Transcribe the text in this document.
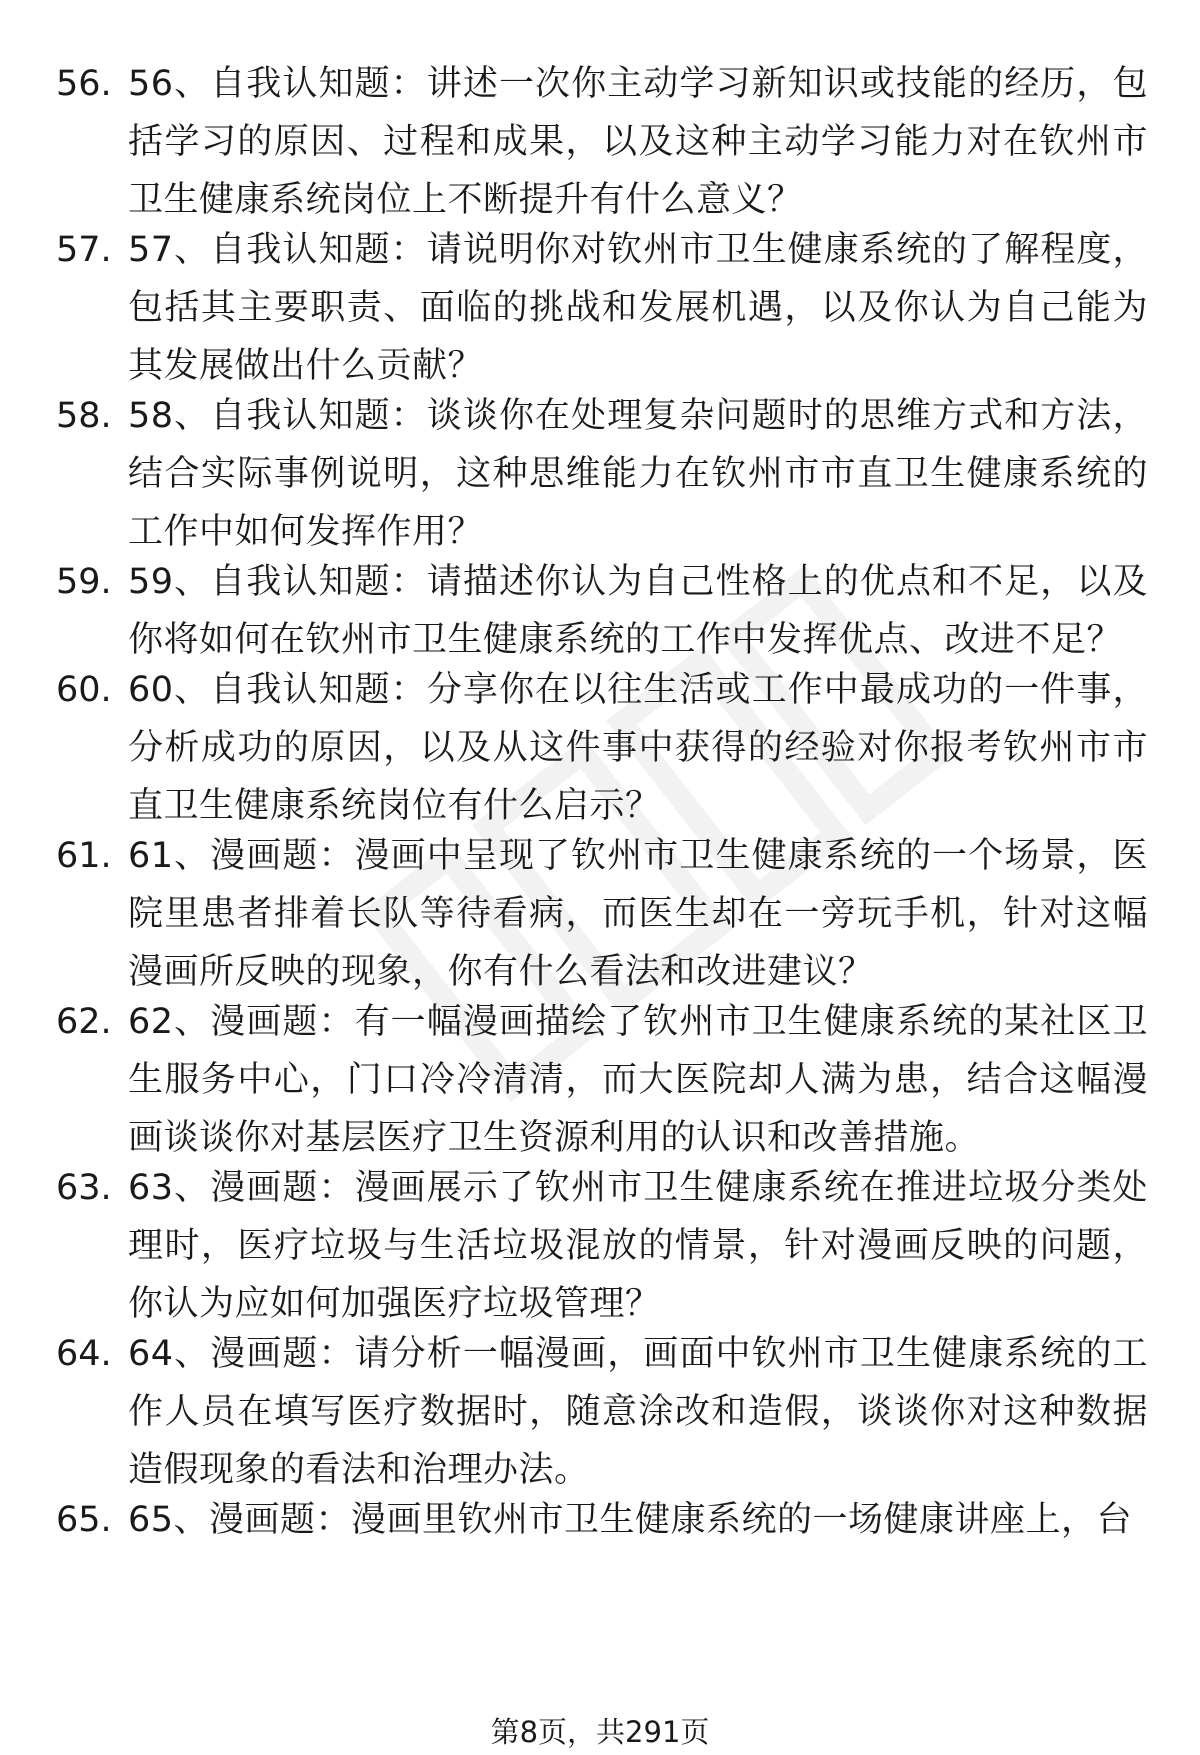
56. 56、自我认知题：讲述一次你主动学习新知识或技能的经历，包括学习的原因、过程和成果，以及这种主动学习能力对在钦州市卫生健康系统岗位上不断提升有什么意义？
57. 57、自我认知题：请说明你对钦州市卫生健康系统的了解程度，包括其主要职责、面临的挑战和发展机遇，以及你认为自己能为其发展做出什么贡献？
58. 58、自我认知题：谈谈你在处理复杂问题时的思维方式和方法，结合实际事例说明，这种思维能力在钦州市市直卫生健康系统的工作中如何发挥作用？
59. 59、自我认知题：请描述你认为自己性格上的优点和不足，以及你将如何在钦州市卫生健康系统的工作中发挥优点、改进不足？
60. 60、自我认知题：分享你在以往生活或工作中最成功的一件事，分析成功的原因，以及从这件事中获得的经验对你报考钦州市市直卫生健康系统岗位有什么启示？
61. 61、漫画题：漫画中呈现了钦州市卫生健康系统的一个场景，医院里患者排着长队等待看病，而医生却在一旁玩手机，针对这幅漫画所反映的现象，你有什么看法和改进建议？
62. 62、漫画题：有一幅漫画描绘了钦州市卫生健康系统的某社区卫生服务中心，门口冷冷清清，而大医院却人满为患，结合这幅漫画谈谈你对基层医疗卫生资源利用的认识和改善措施。
63. 63、漫画题：漫画展示了钦州市卫生健康系统在推进垃圾分类处理时，医疗垃圾与生活垃圾混放的情景，针对漫画反映的问题，你认为应如何加强医疗垃圾管理？
64. 64、漫画题：请分析一幅漫画，画面中钦州市卫生健康系统的工作人员在填写医疗数据时，随意涂改和造假，谈谈你对这种数据造假现象的看法和治理办法。
65. 65、漫画题：漫画里钦州市卫生健康系统的一场健康讲座上，台
第8页，共291页
